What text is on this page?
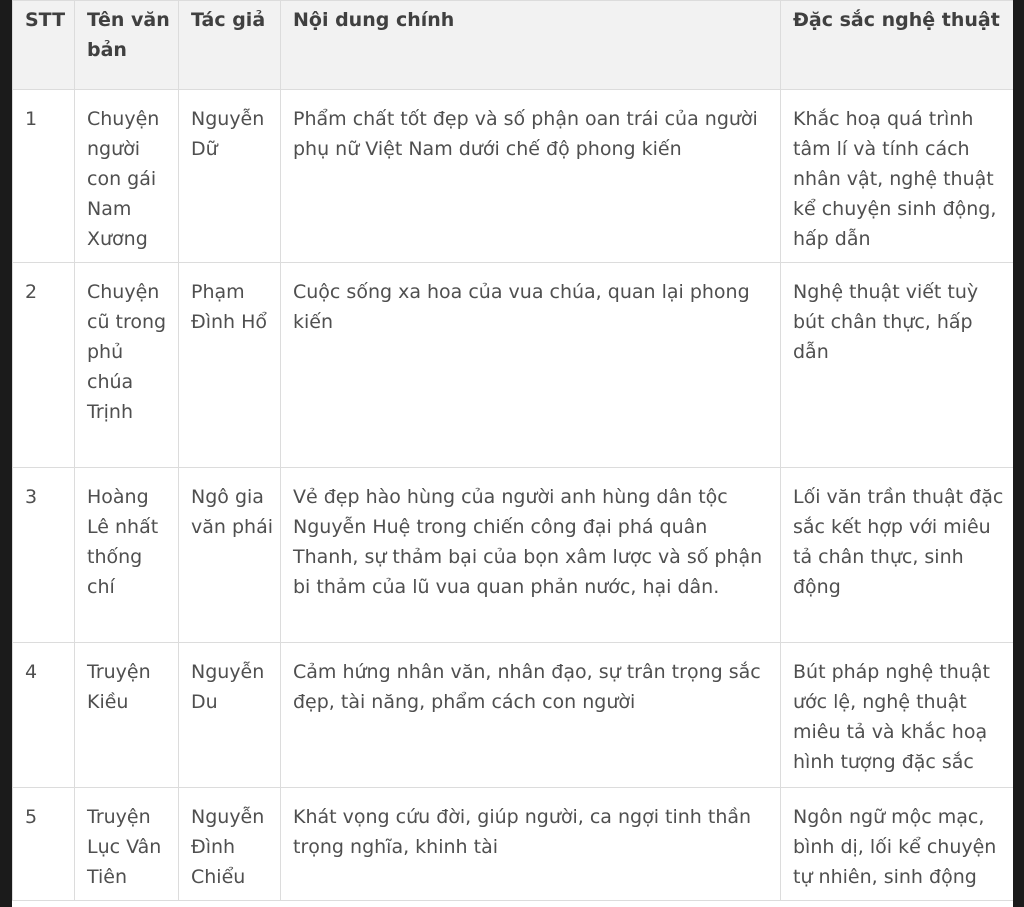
STT	Tên văn bản	Tác giả	Nội dung chính	Đặc sắc nghệ thuật
1	Chuyện người con gái Nam Xương	Nguyễn Dữ	Phẩm chất tốt đẹp và số phận oan trái của người phụ nữ Việt Nam dưới chế độ phong kiến	Khắc hoạ quá trình tâm lí và tính cách nhân vật, nghệ thuật kể chuyện sinh động, hấp dẫn
2	Chuyện cũ trong phủ chúa Trịnh	Phạm Đình Hổ	Cuộc sống xa hoa của vua chúa, quan lại phong kiến	Nghệ thuật viết tuỳ bút chân thực, hấp dẫn
3	Hoàng Lê nhất thống chí	Ngô gia văn phái	Vẻ đẹp hào hùng của người anh hùng dân tộc Nguyễn Huệ trong chiến công đại phá quân Thanh, sự thảm bại của bọn xâm lược và số phận bi thảm của lũ vua quan phản nước, hại dân.	Lối văn trần thuật đặc sắc kết hợp với miêu tả chân thực, sinh động
4	Truyện Kiều	Nguyễn Du	Cảm hứng nhân văn, nhân đạo, sự trân trọng sắc đẹp, tài năng, phẩm cách con người	Bút pháp nghệ thuật ước lệ, nghệ thuật miêu tả và khắc hoạ hình tượng đặc sắc
5	Truyện Lục Vân Tiên	Nguyễn Đình Chiểu	Khát vọng cứu đời, giúp người, ca ngợi tinh thần trọng nghĩa, khinh tài	Ngôn ngữ mộc mạc, bình dị, lối kể chuyện tự nhiên, sinh động
